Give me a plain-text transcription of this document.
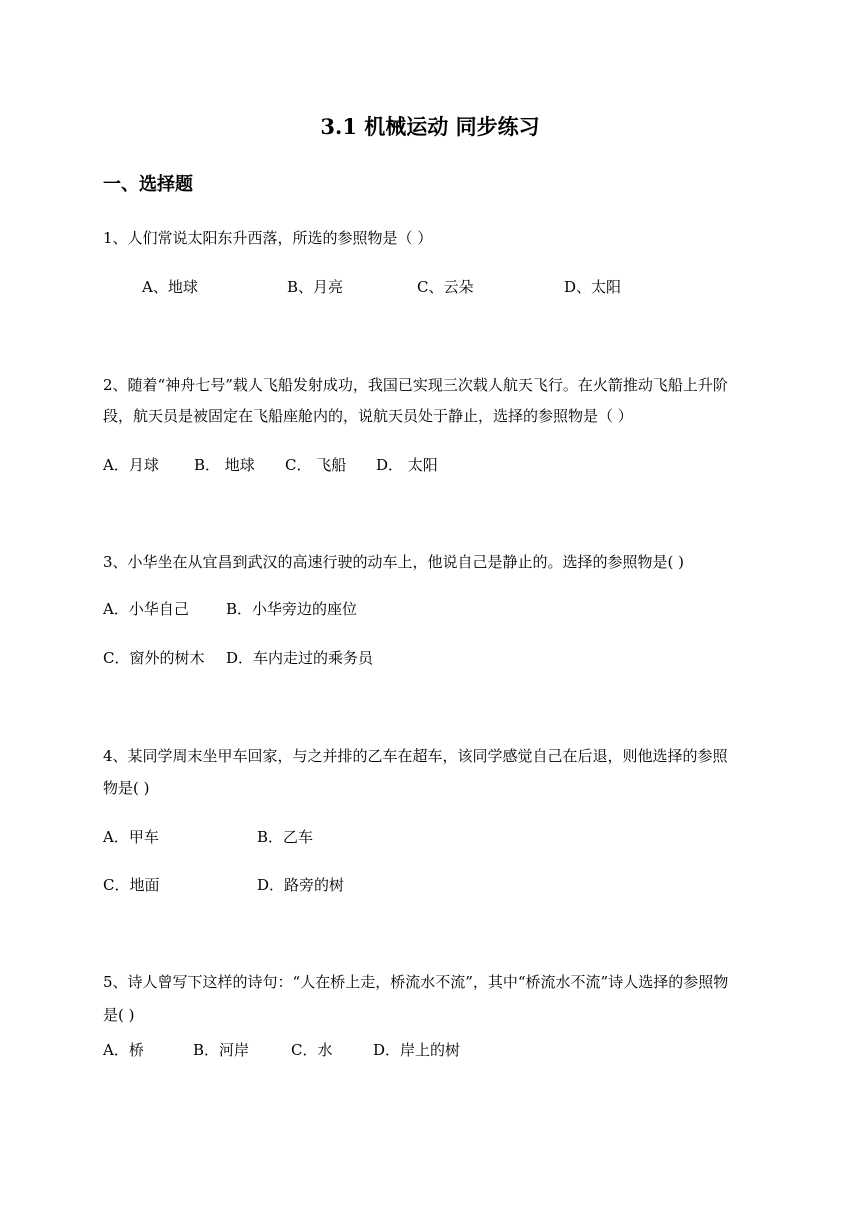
3.1 机械运动 同步练习
一、选择题
1、人们常说太阳东升西落，所选的参照物是（ ）
A、地球	B、月亮	C、云朵	D、太阳
2、随着“神舟七号”载人飞船发射成功，我国已实现三次载人航天飞行。在火箭推动飞船上升阶
段，航天员是被固定在飞船座舱内的，说航天员处于静止，选择的参照物是（ ）
A．月球 B． 地球 C． 飞船 D． 太阳
3、小华坐在从宜昌到武汉的高速行驶的动车上，他说自己是静止的。选择的参照物是( )
A．小华自己 B．小华旁边的座位
C．窗外的树木 D．车内走过的乘务员
4、某同学周末坐甲车回家，与之并排的乙车在超车，该同学感觉自己在后退，则他选择的参照
物是( )
A．甲车	B．乙车
C．地面	D．路旁的树
5、诗人曾写下这样的诗句：“人在桥上走，桥流水不流”，其中“桥流水不流”诗人选择的参照物
是( )
A．桥	B．河岸	C．水	D．岸上的树
